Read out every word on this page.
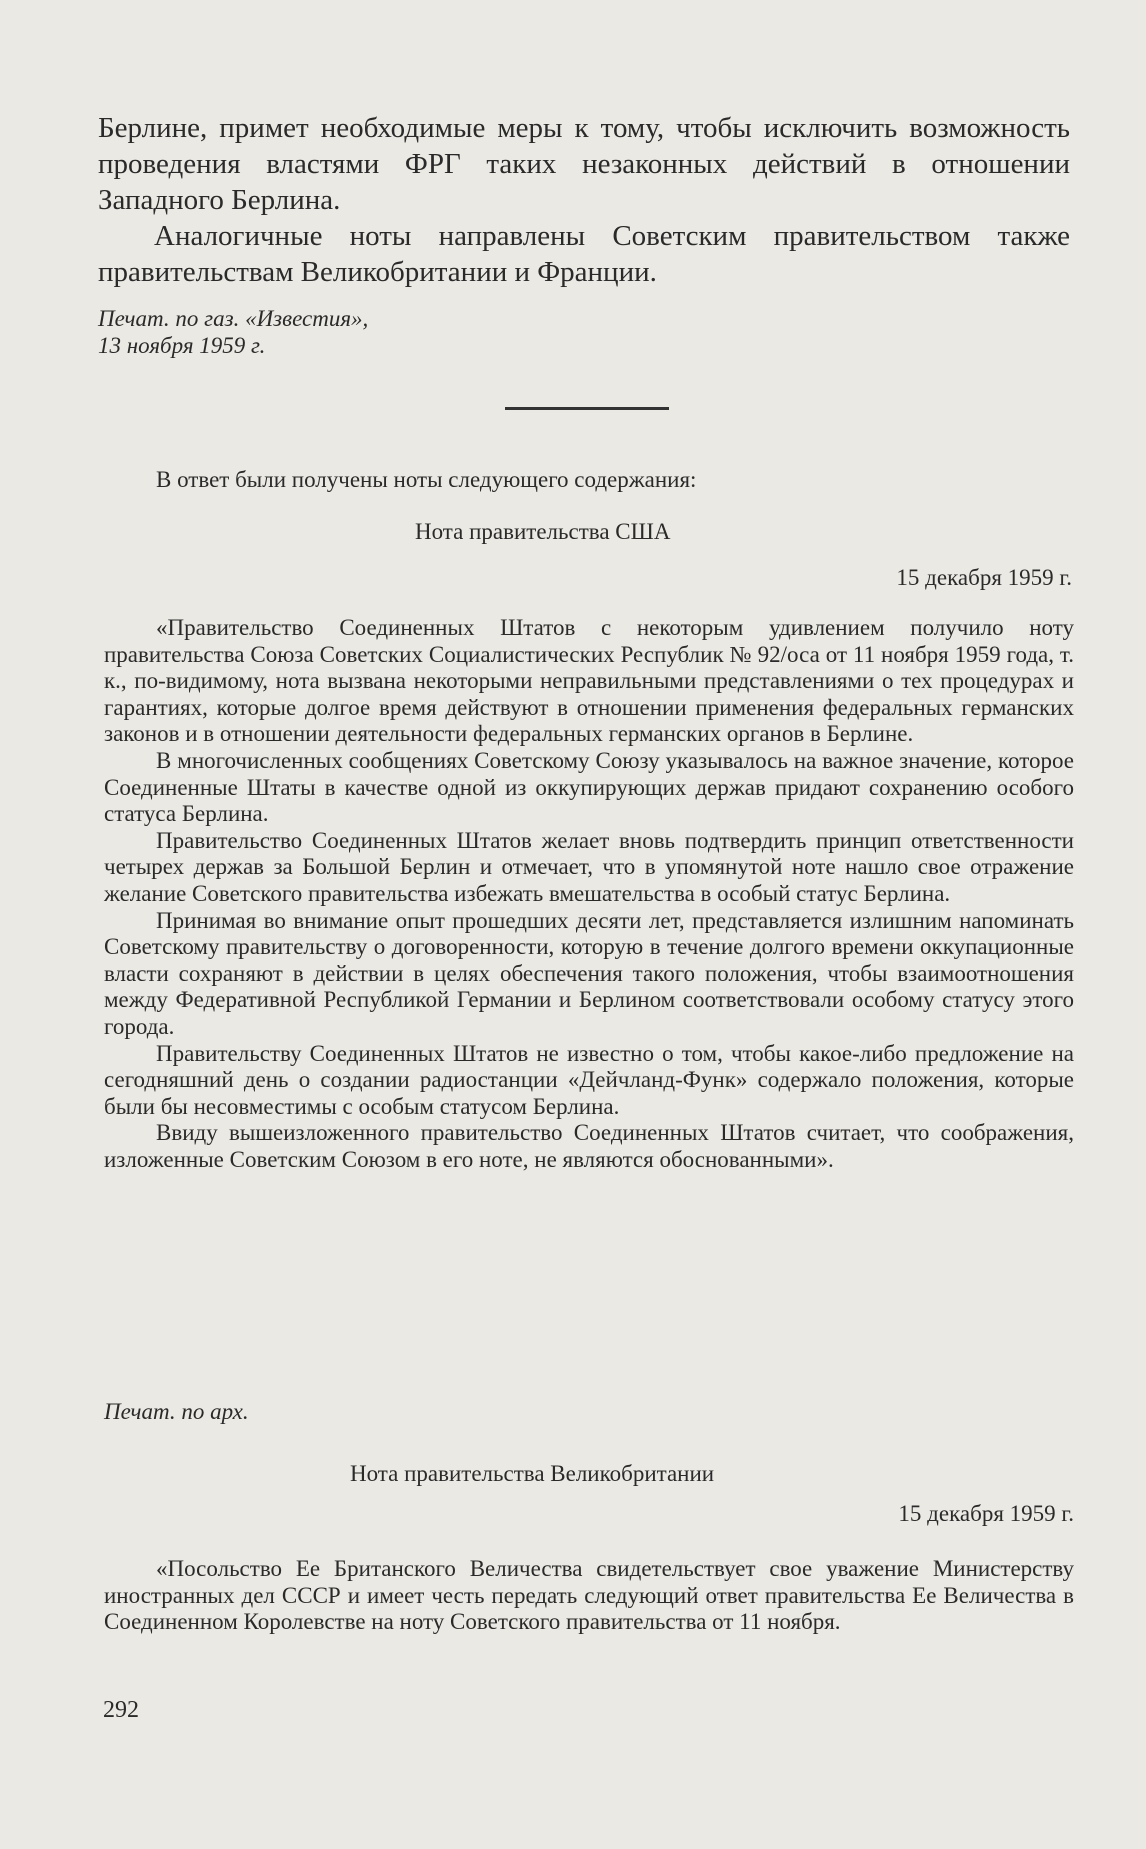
Берлине, примет необходимые меры к тому, чтобы исключить возможность проведения властями ФРГ таких незаконных действий в отношении Западного Берлина.

Аналогичные ноты направлены Советским правительством также правительствам Великобритании и Франции.

Печат. по газ. «Известия»,
13 ноября 1959 г.
В ответ были получены ноты следующего содержания:
Нота правительства США
15 декабря 1959 г.

«Правительство Соединенных Штатов с некоторым удивлением получило ноту правительства Союза Советских Социалистических Республик № 92/оса от 11 ноября 1959 года, т. к., по-видимому, нота вызвана некоторыми неправильными представлениями о тех процедурах и гарантиях, которые долгое время действуют в отношении применения федеральных германских законов и в отношении деятельности федеральных германских органов в Берлине.

В многочисленных сообщениях Советскому Союзу указывалось на важное значение, которое Соединенные Штаты в качестве одной из оккупирующих держав придают сохранению особого статуса Берлина.

Правительство Соединенных Штатов желает вновь подтвердить принцип ответственности четырех держав за Большой Берлин и отмечает, что в упомянутой ноте нашло свое отражение желание Советского правительства избежать вмешательства в особый статус Берлина.

Принимая во внимание опыт прошедших десяти лет, представляется излишним напоминать Советскому правительству о договоренности, которую в течение долгого времени оккупационные власти сохраняют в действии в целях обеспечения такого положения, чтобы взаимоотношения между Федеративной Республикой Германии и Берлином соответствовали особому статусу этого города.

Правительству Соединенных Штатов не известно о том, чтобы какое-либо предложение на сегодняшний день о создании радиостанции «Дейчланд-Функ» содержало положения, которые были бы несовместимы с особым статусом Берлина.

Ввиду вышеизложенного правительство Соединенных Штатов считает, что соображения, изложенные Советским Союзом в его ноте, не являются обоснованными».

Печат. по арх.
Нота правительства Великобритании
15 декабря 1959 г.

«Посольство Ее Британского Величества свидетельствует свое уважение Министерству иностранных дел СССР и имеет честь передать следующий ответ правительства Ее Величества в Соединенном Королевстве на ноту Советского правительства от 11 ноября.

292
